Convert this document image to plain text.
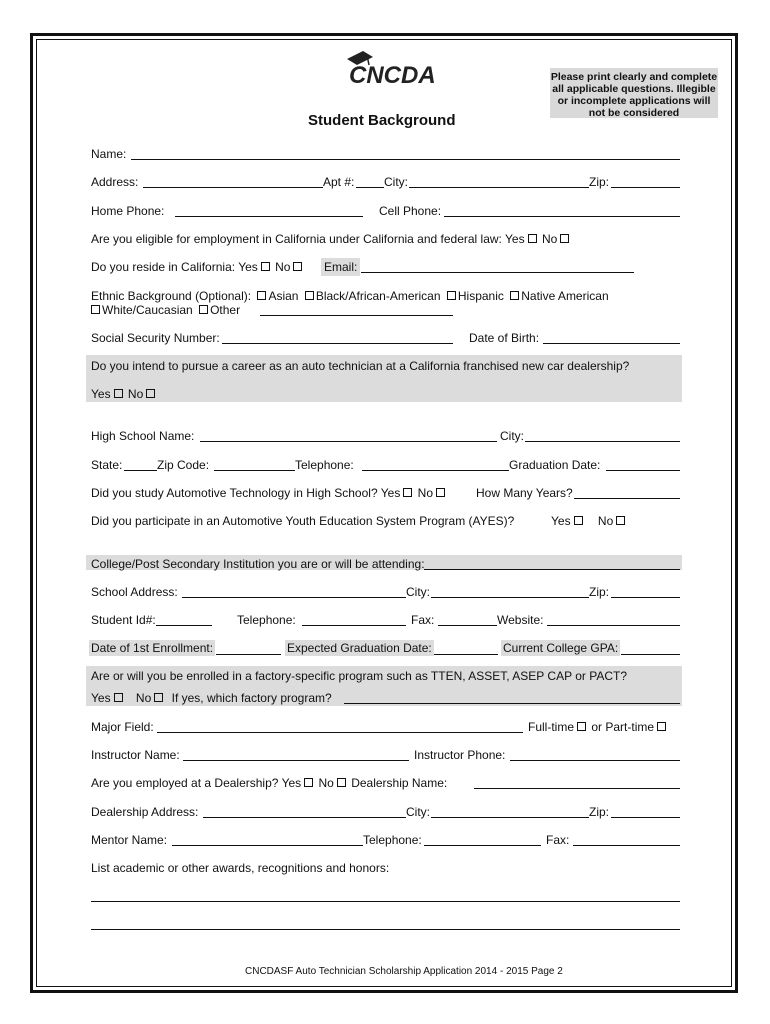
CNCDA	Please print clearly and complete all applicable questions. Illegible or incomplete applications will not be considered
Student Background
Name:
Address:	Apt #: City:	Zip:
Home Phone:	Cell Phone:
Are you eligible for employment in California under California and federal law: Yes No
Do you reside in California: Yes No	Email:
Ethnic Background (Optional): Asian Black/African-American Hispanic Native American
White/Caucasian Other
Social Security Number:	Date of Birth:
Do you intend to pursue a career as an auto technician at a California franchised new car dealership?
Yes No
High School Name:	City:
State:	Zip Code:	Telephone:	Graduation Date:
Did you study Automotive Technology in High School? Yes No	How Many Years?
Did you participate in an Automotive Youth Education System Program (AYES)?	Yes No
College/Post Secondary Institution you are or will be attending:
School Address:	City:	Zip:
Student Id#:	Telephone:	Fax:	Website:
Date of 1st Enrollment:	Expected Graduation Date:	Current College GPA:
Are or will you be enrolled in a factory-specific program such as TTEN, ASSET, ASEP CAP or PACT?
Yes No If yes, which factory program?
Major Field:	Full-time or Part-time
Instructor Name:	Instructor Phone:
Are you employed at a Dealership? Yes No Dealership Name:
Dealership Address:	City:	Zip:
Mentor Name:	Telephone:	Fax:
List academic or other awards, recognitions and honors:
CNCDASF Auto Technician Scholarship Application 2014 - 2015 Page 2
